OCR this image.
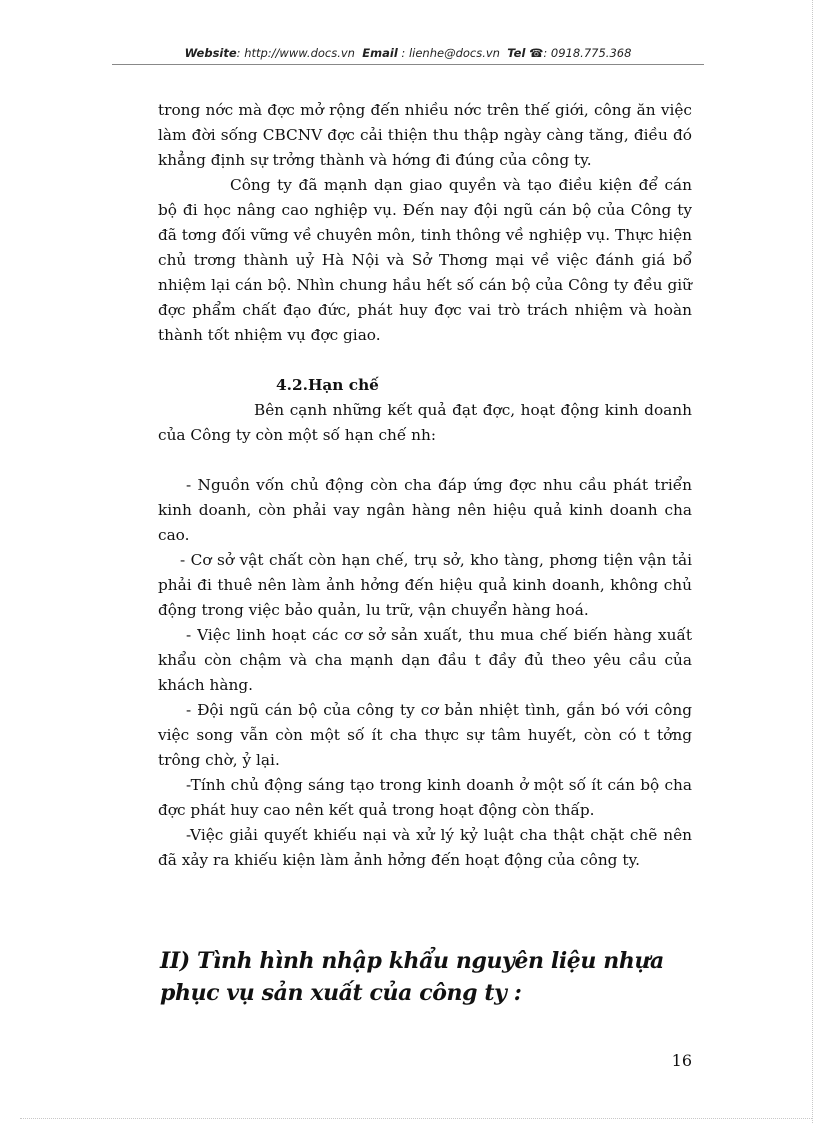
Website: http://www.docs.vn Email : lienhe@docs.vn Tel ☎: 0918.775.368

trong nớc mà đợc mở rộng đến nhiều nớc trên thế giới, công ăn việc làm đời sống CBCNV đợc cải thiện thu thập ngày càng tăng, điều đó khẳng định sự trởng thành và hớng đi đúng của công ty.

Công ty đã mạnh dạn giao quyền và tạo điều kiện để cán bộ đi học nâng cao nghiệp vụ. Đến nay đội ngũ cán bộ của Công ty đã tơng đối vững về chuyên môn, tinh thông về nghiệp vụ. Thực hiện chủ trơng thành uỷ Hà Nội và Sở Thơng mại về việc đánh giá bổ nhiệm lại cán bộ. Nhìn chung hầu hết số cán bộ của Công ty đều giữ đợc phẩm chất đạo đức, phát huy đợc vai trò trách nhiệm và hoàn thành tốt nhiệm vụ đợc giao.

4.2.Hạn chế

Bên cạnh những kết quả đạt đợc, hoạt động kinh doanh của Công ty còn một số hạn chế nh:

- Nguồn vốn chủ động còn cha đáp ứng đợc nhu cầu phát triển kinh doanh, còn phải vay ngân hàng nên hiệu quả kinh doanh cha cao.

- Cơ sở vật chất còn hạn chế, trụ sở, kho tàng, phơng tiện vận tải phải đi thuê nên làm ảnh hởng đến hiệu quả kinh doanh, không chủ động trong việc bảo quản, lu trữ, vận chuyển hàng hoá.

- Việc linh hoạt các cơ sở sản xuất, thu mua chế biến hàng xuất khẩu còn chậm và cha mạnh dạn đầu t đầy đủ theo yêu cầu của khách hàng.

- Đội ngũ cán bộ của công ty cơ bản nhiệt tình, gắn bó với công việc song vẫn còn một số ít cha thực sự tâm huyết, còn có t tởng trông chờ, ỷ lại.

-Tính chủ động sáng tạo trong kinh doanh ở một số ít cán bộ cha đợc phát huy cao nên kết quả trong hoạt động còn thấp.

-Việc giải quyết khiếu nại và xử lý kỷ luật cha thật chặt chẽ nên đã xảy ra khiếu kiện làm ảnh hởng đến hoạt động của công ty.

II) Tình hình nhập khẩu nguyên liệu nhựa phục vụ sản xuất của công ty :
16
